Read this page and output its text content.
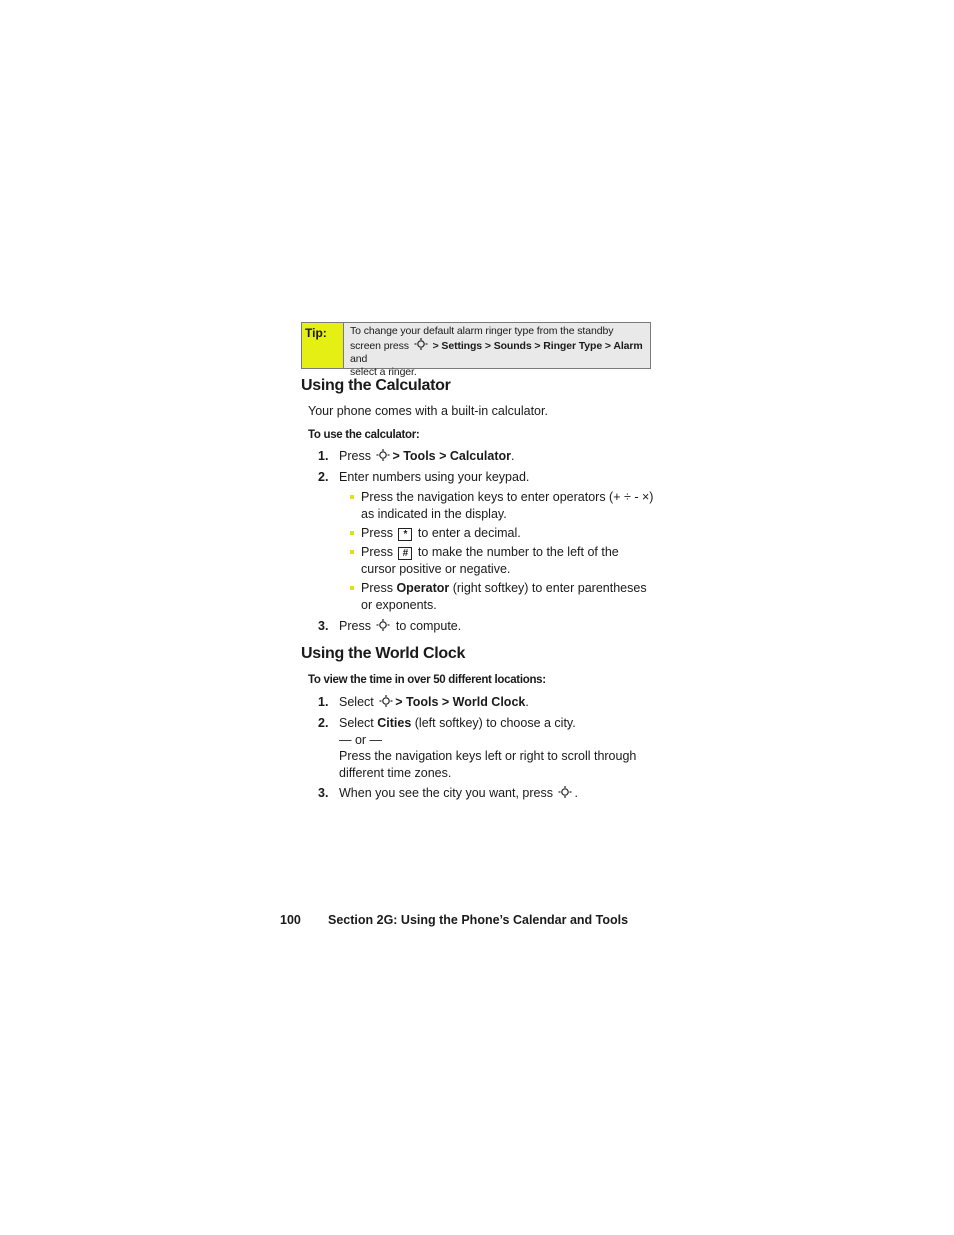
Tip:	To change your default alarm ringer type from the standby
screen press > Settings > Sounds > Ringer Type > Alarm and
select a ringer.
Using the Calculator

Your phone comes with a built-in calculator.

To use the calculator:

1. Press > Tools > Calculator.
2. Enter numbers using your keypad.
Press the navigation keys to enter operators (+ ÷ - ×)
as indicated in the display.
Press * to enter a decimal.
Press # to make the number to the left of the
cursor positive or negative.
Press Operator (right softkey) to enter parentheses
or exponents.
3. Press to compute.
Using the World Clock

To view the time in over 50 different locations:

1. Select > Tools > World Clock.
2. Select Cities (left softkey) to choose a city.
— or —
Press the navigation keys left or right to scroll through
different time zones.
3. When you see the city you want, press .
100 Section 2G: Using the Phone’s Calendar and Tools
